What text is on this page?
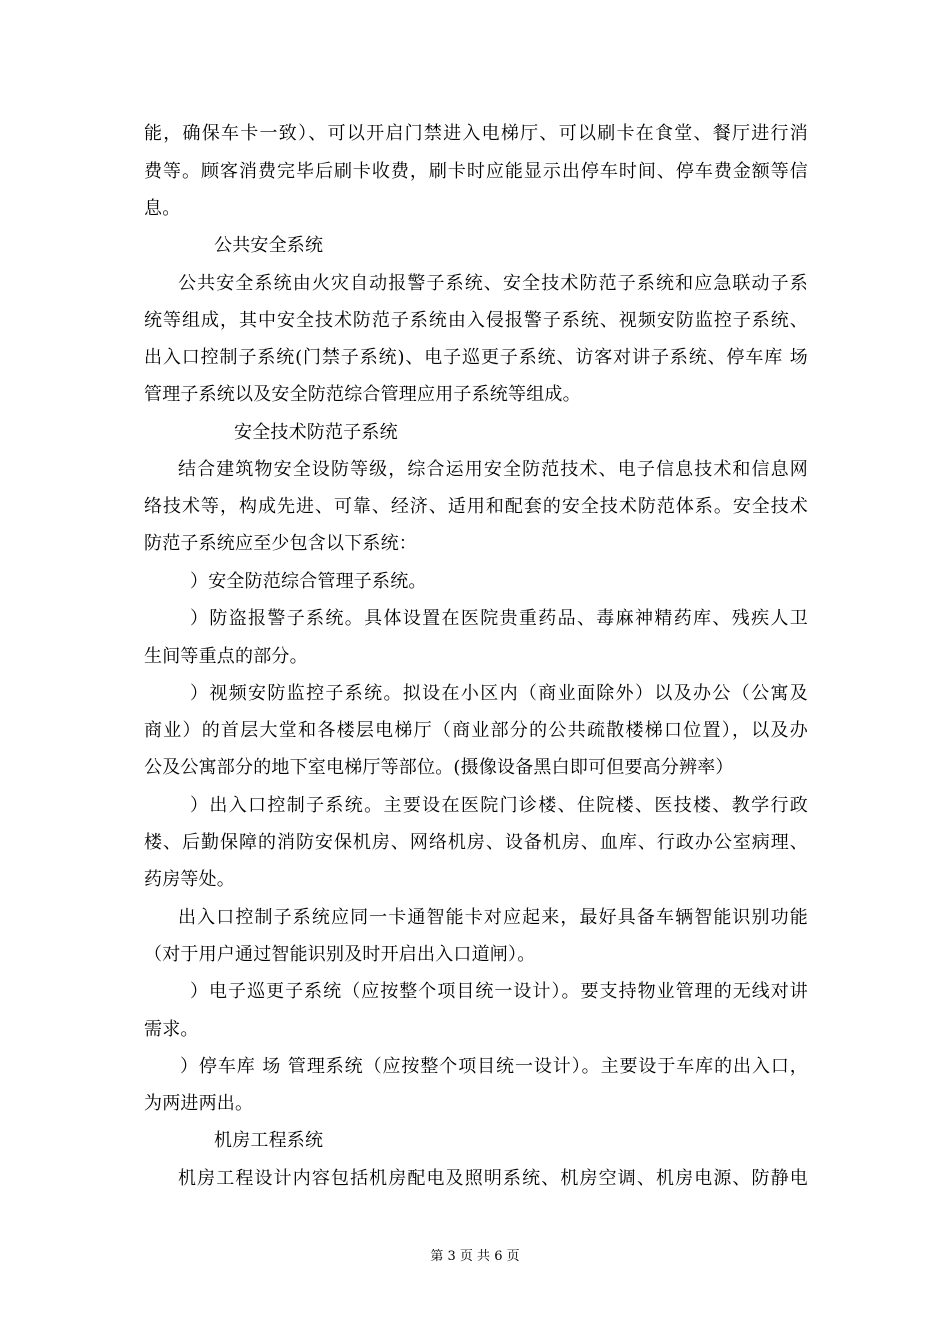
能，确保车卡一致）、可以开启门禁进入电梯厅、可以刷卡在食堂、餐厅进行消
费等。顾客消费完毕后刷卡收费，刷卡时应能显示出停车时间、停车费金额等信
息。
公共安全系统
公共安全系统由火灾自动报警子系统、安全技术防范子系统和应急联动子系
统等组成，其中安全技术防范子系统由入侵报警子系统、视频安防监控子系统、
出入口控制子系统(门禁子系统)、电子巡更子系统、访客对讲子系统、停车库 场
管理子系统以及安全防范综合管理应用子系统等组成。
安全技术防范子系统
结合建筑物安全设防等级，综合运用安全防范技术、电子信息技术和信息网
络技术等，构成先进、可靠、经济、适用和配套的安全技术防范体系。安全技术
防范子系统应至少包含以下系统：
）安全防范综合管理子系统。
）防盗报警子系统。具体设置在医院贵重药品、毒麻神精药库、残疾人卫
生间等重点的部分。
）视频安防监控子系统。拟设在小区内（商业面除外）以及办公（公寓及
商业）的首层大堂和各楼层电梯厅（商业部分的公共疏散楼梯口位置），以及办
公及公寓部分的地下室电梯厅等部位。(摄像设备黑白即可但要高分辨率）
）出入口控制子系统。主要设在医院门诊楼、住院楼、医技楼、教学行政
楼、后勤保障的消防安保机房、网络机房、设备机房、血库、行政办公室病理、
药房等处。
出入口控制子系统应同一卡通智能卡对应起来，最好具备车辆智能识别功能
（对于用户通过智能识别及时开启出入口道闸）。
）电子巡更子系统（应按整个项目统一设计）。要支持物业管理的无线对讲
需求。
）停车库 场 管理系统（应按整个项目统一设计）。主要设于车库的出入口，
为两进两出。
机房工程系统
机房工程设计内容包括机房配电及照明系统、机房空调、机房电源、防静电
第 3 页 共 6 页
